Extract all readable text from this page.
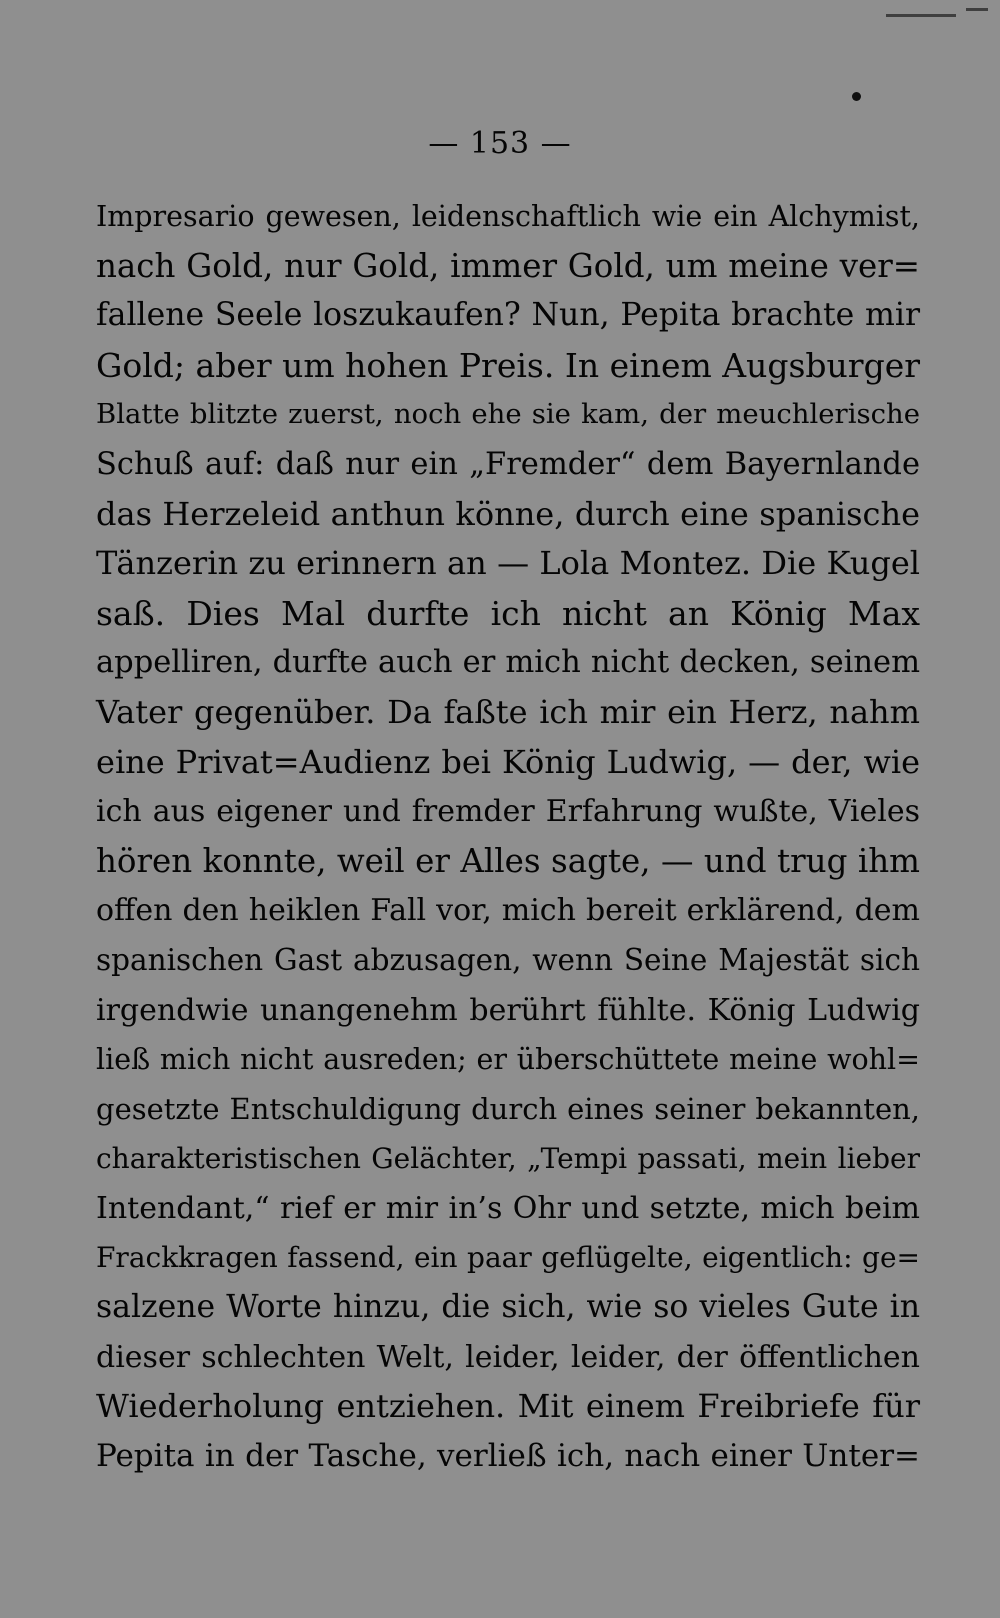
— 153 —
Impresario gewesen, leidenschaftlich wie ein Alchymist,
nach Gold, nur Gold, immer Gold, um meine ver=
fallene Seele loszukaufen? Nun, Pepita brachte mir
Gold; aber um hohen Preis. In einem Augsburger
Blatte blitzte zuerst, noch ehe sie kam, der meuchlerische
Schuß auf: daß nur ein „Fremder“ dem Bayernlande
das Herzeleid anthun könne, durch eine spanische
Tänzerin zu erinnern an — Lola Montez. Die Kugel
saß. Dies Mal durfte ich nicht an König Max
appelliren, durfte auch er mich nicht decken, seinem
Vater gegenüber. Da faßte ich mir ein Herz, nahm
eine Privat=Audienz bei König Ludwig, — der, wie
ich aus eigener und fremder Erfahrung wußte, Vieles
hören konnte, weil er Alles sagte, — und trug ihm
offen den heiklen Fall vor, mich bereit erklärend, dem
spanischen Gast abzusagen, wenn Seine Majestät sich
irgendwie unangenehm berührt fühlte. König Ludwig
ließ mich nicht ausreden; er überschüttete meine wohl=
gesetzte Entschuldigung durch eines seiner bekannten,
charakteristischen Gelächter, „Tempi passati, mein lieber
Intendant,“ rief er mir in’s Ohr und setzte, mich beim
Frackkragen fassend, ein paar geflügelte, eigentlich: ge=
salzene Worte hinzu, die sich, wie so vieles Gute in
dieser schlechten Welt, leider, leider, der öffentlichen
Wiederholung entziehen. Mit einem Freibriefe für
Pepita in der Tasche, verließ ich, nach einer Unter=
